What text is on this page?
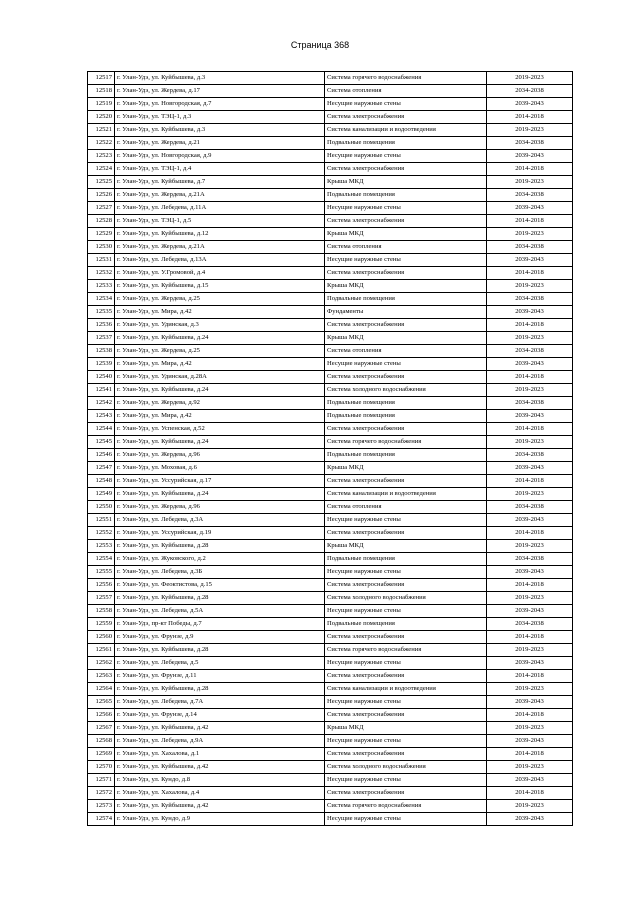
Страница 368
12517	г. Улан-Удэ, ул. Куйбышева, д.3	Система горячего водоснабжения	2019-2023
12518	г. Улан-Удэ, ул. Жердева, д.17	Система отопления	2034-2038
12519	г. Улан-Удэ, ул. Новгородская, д.7	Несущие наружные стены	2039-2043
12520	г. Улан-Удэ, ул. ТЭЦ-1, д.3	Система электроснабжения	2014-2018
12521	г. Улан-Удэ, ул. Куйбышева, д.3	Система канализации и водоотведения	2019-2023
12522	г. Улан-Удэ, ул. Жердева, д.21	Подвальные помещения	2034-2038
12523	г. Улан-Удэ, ул. Новгородская, д.9	Несущие наружные стены	2039-2043
12524	г. Улан-Удэ, ул. ТЭЦ-1, д.4	Система электроснабжения	2014-2018
12525	г. Улан-Удэ, ул. Куйбышева, д.7	Крыша МКД	2019-2023
12526	г. Улан-Удэ, ул. Жердева, д.21А	Подвальные помещения	2034-2038
12527	г. Улан-Удэ, ул. Лебедева, д.11А	Несущие наружные стены	2039-2043
12528	г. Улан-Удэ, ул. ТЭЦ-1, д.5	Система электроснабжения	2014-2018
12529	г. Улан-Удэ, ул. Куйбышева, д.12	Крыша МКД	2019-2023
12530	г. Улан-Удэ, ул. Жердева, д.21А	Система отопления	2034-2038
12531	г. Улан-Удэ, ул. Лебедева, д.13А	Несущие наружные стены	2039-2043
12532	г. Улан-Удэ, ул. У.Громовой, д.4	Система электроснабжения	2014-2018
12533	г. Улан-Удэ, ул. Куйбышева, д.15	Крыша МКД	2019-2023
12534	г. Улан-Удэ, ул. Жердева, д.25	Подвальные помещения	2034-2038
12535	г. Улан-Удэ, ул. Мира, д.42	Фундаменты	2039-2043
12536	г. Улан-Удэ, ул. Удинская, д.3	Система электроснабжения	2014-2018
12537	г. Улан-Удэ, ул. Куйбышева, д.24	Крыша МКД	2019-2023
12538	г. Улан-Удэ, ул. Жердева, д.25	Система отопления	2034-2038
12539	г. Улан-Удэ, ул. Мира, д.42	Несущие наружные стены	2039-2043
12540	г. Улан-Удэ, ул. Удинская, д.28А	Система электроснабжения	2014-2018
12541	г. Улан-Удэ, ул. Куйбышева, д.24	Система холодного водоснабжения	2019-2023
12542	г. Улан-Удэ, ул. Жердева, д.92	Подвальные помещения	2034-2038
12543	г. Улан-Удэ, ул. Мира, д.42	Подвальные помещения	2039-2043
12544	г. Улан-Удэ, ул. Успенская, д.52	Система электроснабжения	2014-2018
12545	г. Улан-Удэ, ул. Куйбышева, д.24	Система горячего водоснабжения	2019-2023
12546	г. Улан-Удэ, ул. Жердева, д.96	Подвальные помещения	2034-2038
12547	г. Улан-Удэ, ул. Моховая, д.6	Крыша МКД	2039-2043
12548	г. Улан-Удэ, ул. Уссурийская, д.17	Система электроснабжения	2014-2018
12549	г. Улан-Удэ, ул. Куйбышева, д.24	Система канализации и водоотведения	2019-2023
12550	г. Улан-Удэ, ул. Жердева, д.96	Система отопления	2034-2038
12551	г. Улан-Удэ, ул. Лебедева, д.3А	Несущие наружные стены	2039-2043
12552	г. Улан-Удэ, ул. Уссурийская, д.19	Система электроснабжения	2014-2018
12553	г. Улан-Удэ, ул. Куйбышева, д.28	Крыша МКД	2019-2023
12554	г. Улан-Удэ, ул. Жуковского, д.2	Подвальные помещения	2034-2038
12555	г. Улан-Удэ, ул. Лебедева, д.3Б	Несущие наружные стены	2039-2043
12556	г. Улан-Удэ, ул. Феоктистова, д.15	Система электроснабжения	2014-2018
12557	г. Улан-Удэ, ул. Куйбышева, д.28	Система холодного водоснабжения	2019-2023
12558	г. Улан-Удэ, ул. Лебедева, д.5А	Несущие наружные стены	2039-2043
12559	г. Улан-Удэ, пр-кт Победы, д.7	Подвальные помещения	2034-2038
12560	г. Улан-Удэ, ул. Фрунзе, д.9	Система электроснабжения	2014-2018
12561	г. Улан-Удэ, ул. Куйбышева, д.28	Система горячего водоснабжения	2019-2023
12562	г. Улан-Удэ, ул. Лебедева, д.5	Несущие наружные стены	2039-2043
12563	г. Улан-Удэ, ул. Фрунзе, д.11	Система электроснабжения	2014-2018
12564	г. Улан-Удэ, ул. Куйбышева, д.28	Система канализации и водоотведения	2019-2023
12565	г. Улан-Удэ, ул. Лебедева, д.7А	Несущие наружные стены	2039-2043
12566	г. Улан-Удэ, ул. Фрунзе, д.14	Система электроснабжения	2014-2018
12567	г. Улан-Удэ, ул. Куйбышева, д.42	Крыша МКД	2019-2023
12568	г. Улан-Удэ, ул. Лебедева, д.9А	Несущие наружные стены	2039-2043
12569	г. Улан-Удэ, ул. Хахалова, д.1	Система электроснабжения	2014-2018
12570	г. Улан-Удэ, ул. Куйбышева, д.42	Система холодного водоснабжения	2019-2023
12571	г. Улан-Удэ, ул. Кундо, д.8	Несущие наружные стены	2039-2043
12572	г. Улан-Удэ, ул. Хахалова, д.4	Система электроснабжения	2014-2018
12573	г. Улан-Удэ, ул. Куйбышева, д.42	Система горячего водоснабжения	2019-2023
12574	г. Улан-Удэ, ул. Кундо, д.9	Несущие наружные стены	2039-2043
